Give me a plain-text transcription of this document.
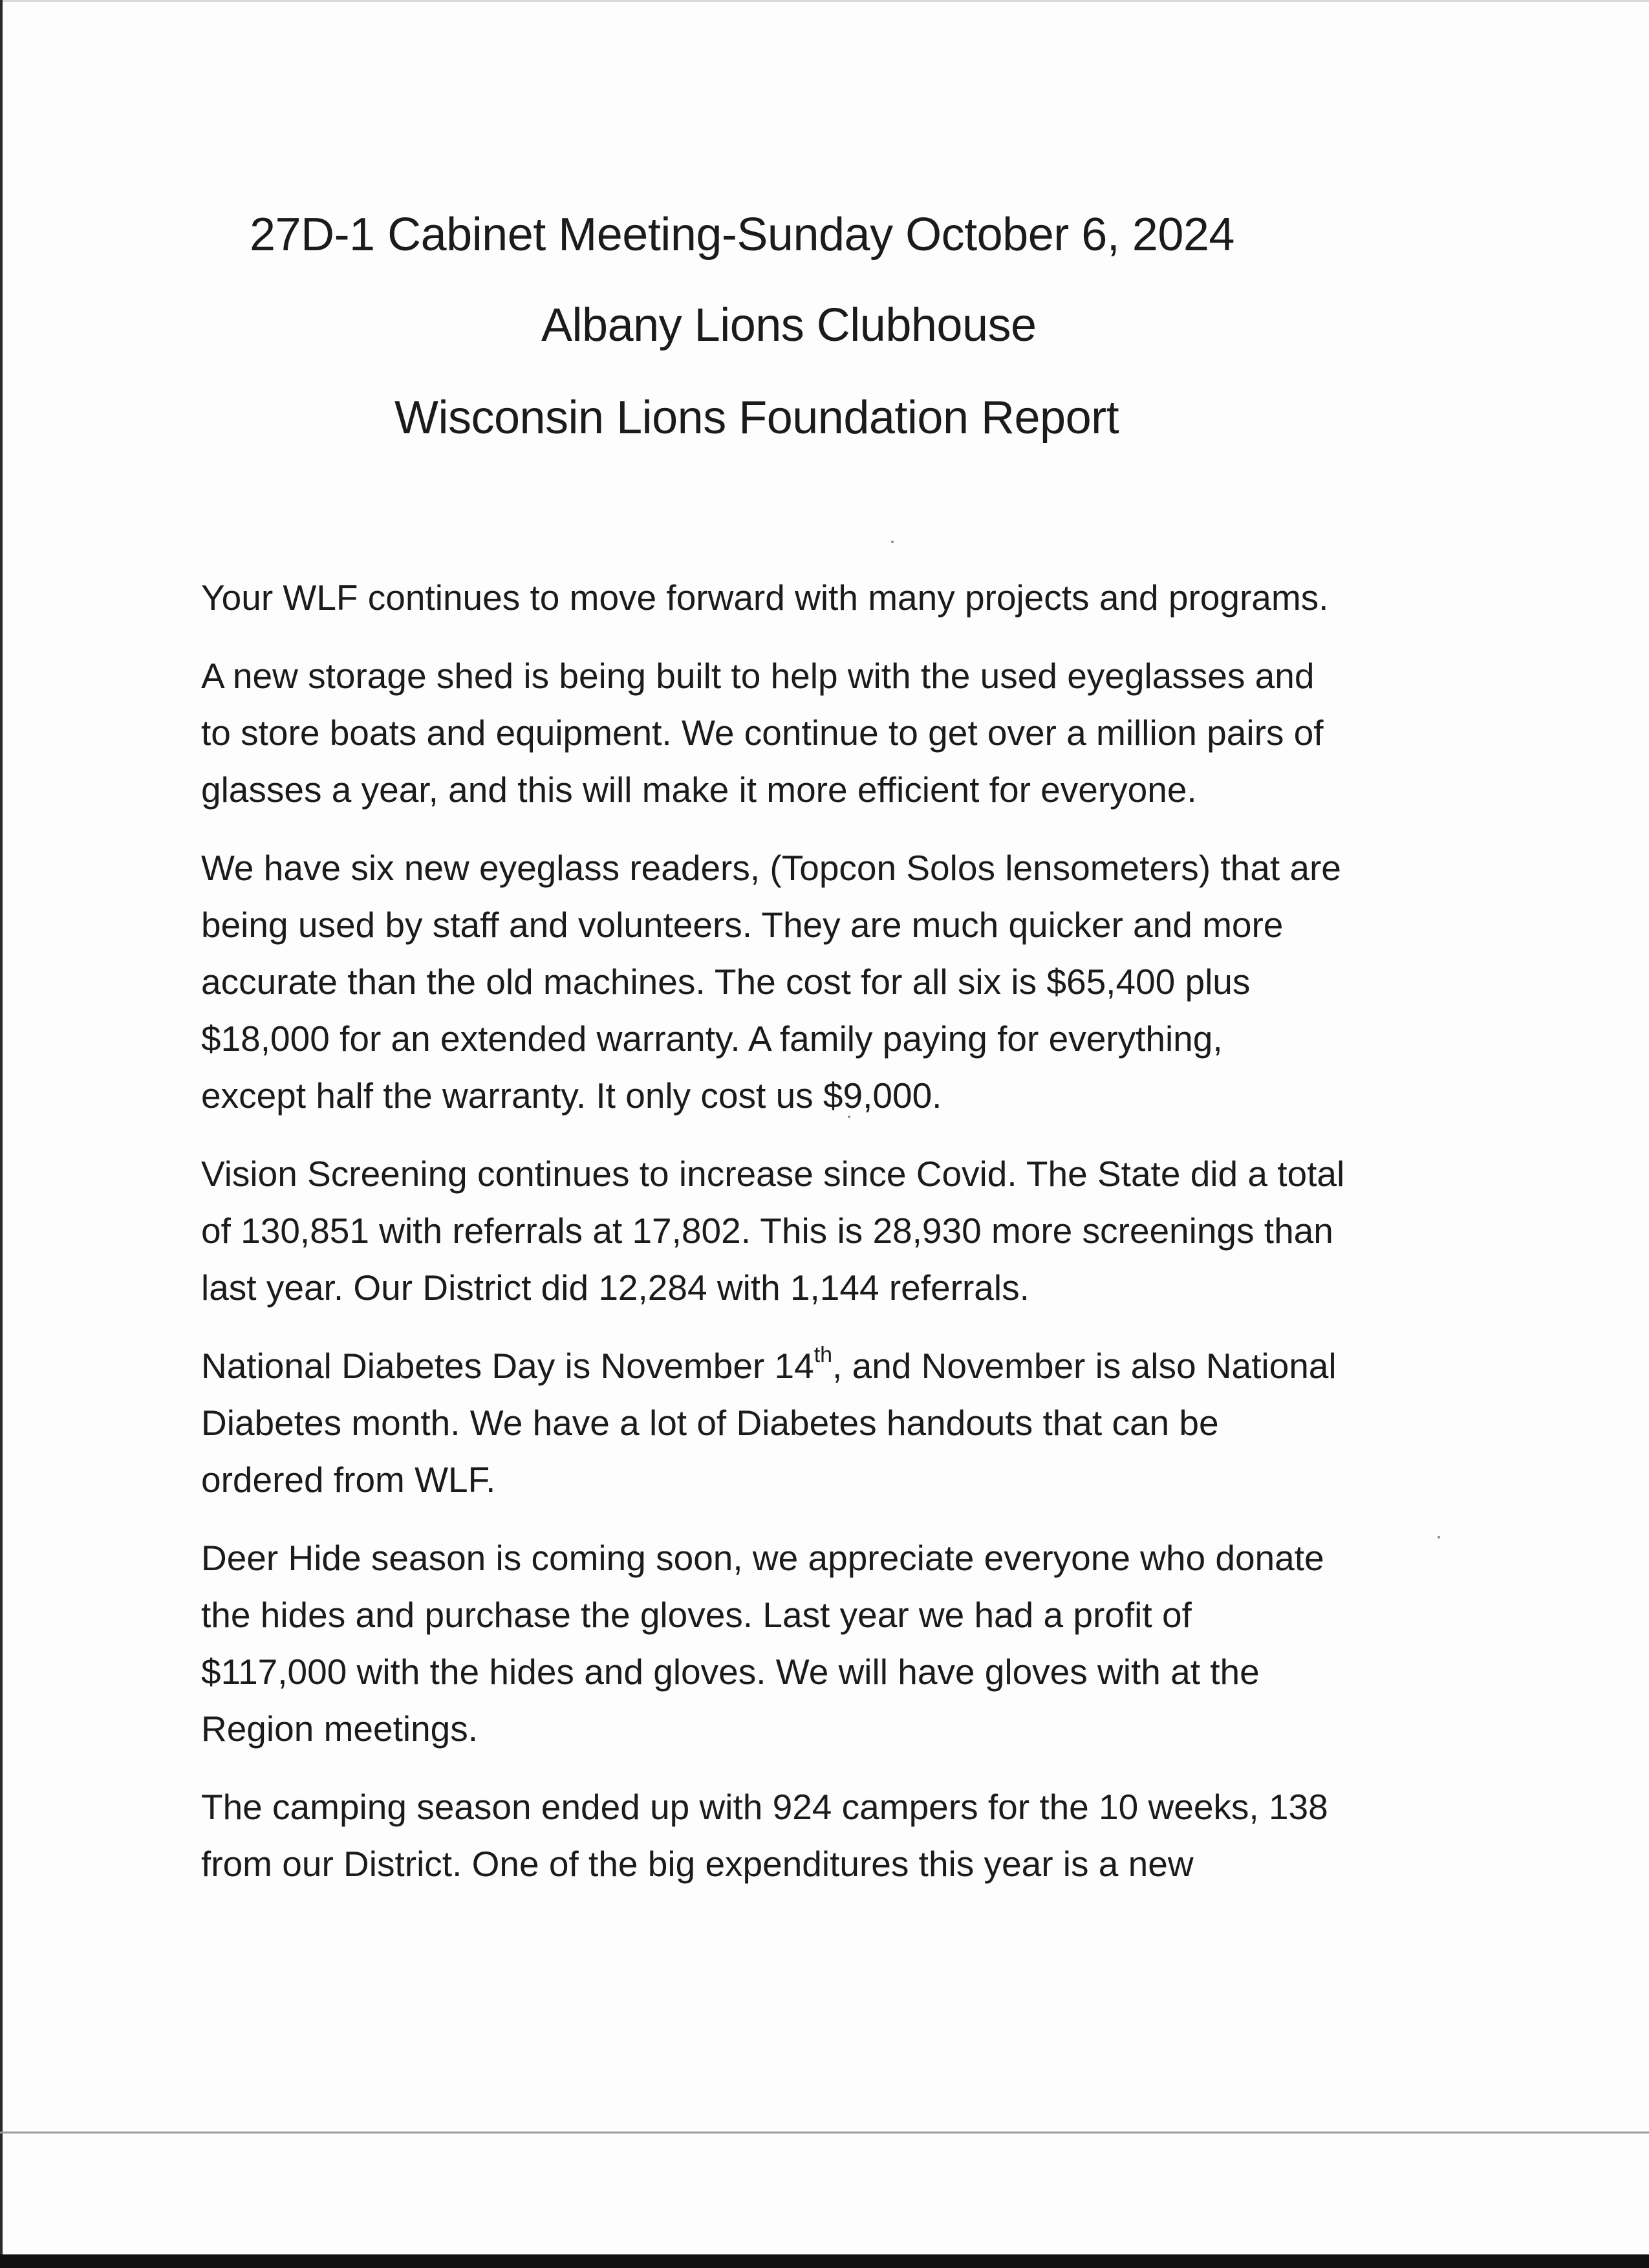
27D-1 Cabinet Meeting-Sunday October 6, 2024
Albany Lions Clubhouse
Wisconsin Lions Foundation Report

Your WLF continues to move forward with many projects and programs.

A new storage shed is being built to help with the used eyeglasses and
to store boats and equipment. We continue to get over a million pairs of
glasses a year, and this will make it more efficient for everyone.

We have six new eyeglass readers, (Topcon Solos lensometers) that are
being used by staff and volunteers. They are much quicker and more
accurate than the old machines. The cost for all six is $65,400 plus
$18,000 for an extended warranty. A family paying for everything,
except half the warranty. It only cost us $9,000.

Vision Screening continues to increase since Covid. The State did a total
of 130,851 with referrals at 17,802. This is 28,930 more screenings than
last year. Our District did 12,284 with 1,144 referrals.

National Diabetes Day is November 14th, and November is also National
Diabetes month. We have a lot of Diabetes handouts that can be
ordered from WLF.

Deer Hide season is coming soon, we appreciate everyone who donate
the hides and purchase the gloves. Last year we had a profit of
$117,000 with the hides and gloves. We will have gloves with at the
Region meetings.

The camping season ended up with 924 campers for the 10 weeks, 138
from our District. One of the big expenditures this year is a new
